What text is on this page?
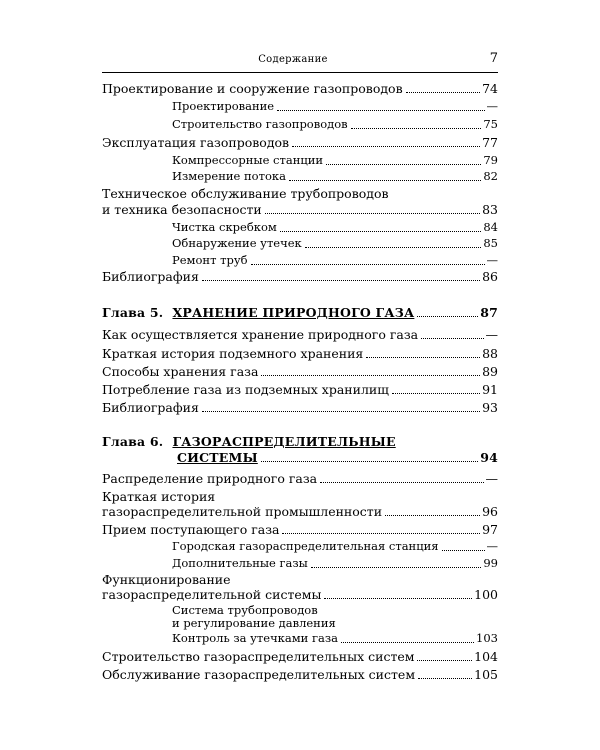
Содержание	7
Проектирование и сооружение газопроводов	74
Проектирование	—
Строительство газопроводов	75
Эксплуатация газопроводов	77
Компрессорные станции	79
Измерение потока	82
Техническое обслуживание трубопроводов
и техника безопасности	83
Чистка скребком	84
Обнаружение утечек	85
Ремонт труб	—
Библиография	86
Глава 5. ХРАНЕНИЕ ПРИРОДНОГО ГАЗА	87
Как осуществляется хранение природного газа	—
Краткая история подземного хранения	88
Способы хранения газа	89
Потребление газа из подземных хранилищ	91
Библиография	93
Глава 6. ГАЗОРАСПРЕДЕЛИТЕЛЬНЫЕ
СИСТЕМЫ	94
Распределение природного газа	—
Краткая история
газораспределительной промышленности	96
Прием поступающего газа	97
Городская газораспределительная станция	—
Дополнительные газы	99
Функционирование
газораспределительной системы	100
Система трубопроводов
и регулирование давления
Контроль за утечками газа	103
Строительство газораспределительных систем	104
Обслуживание газораспределительных систем	105
